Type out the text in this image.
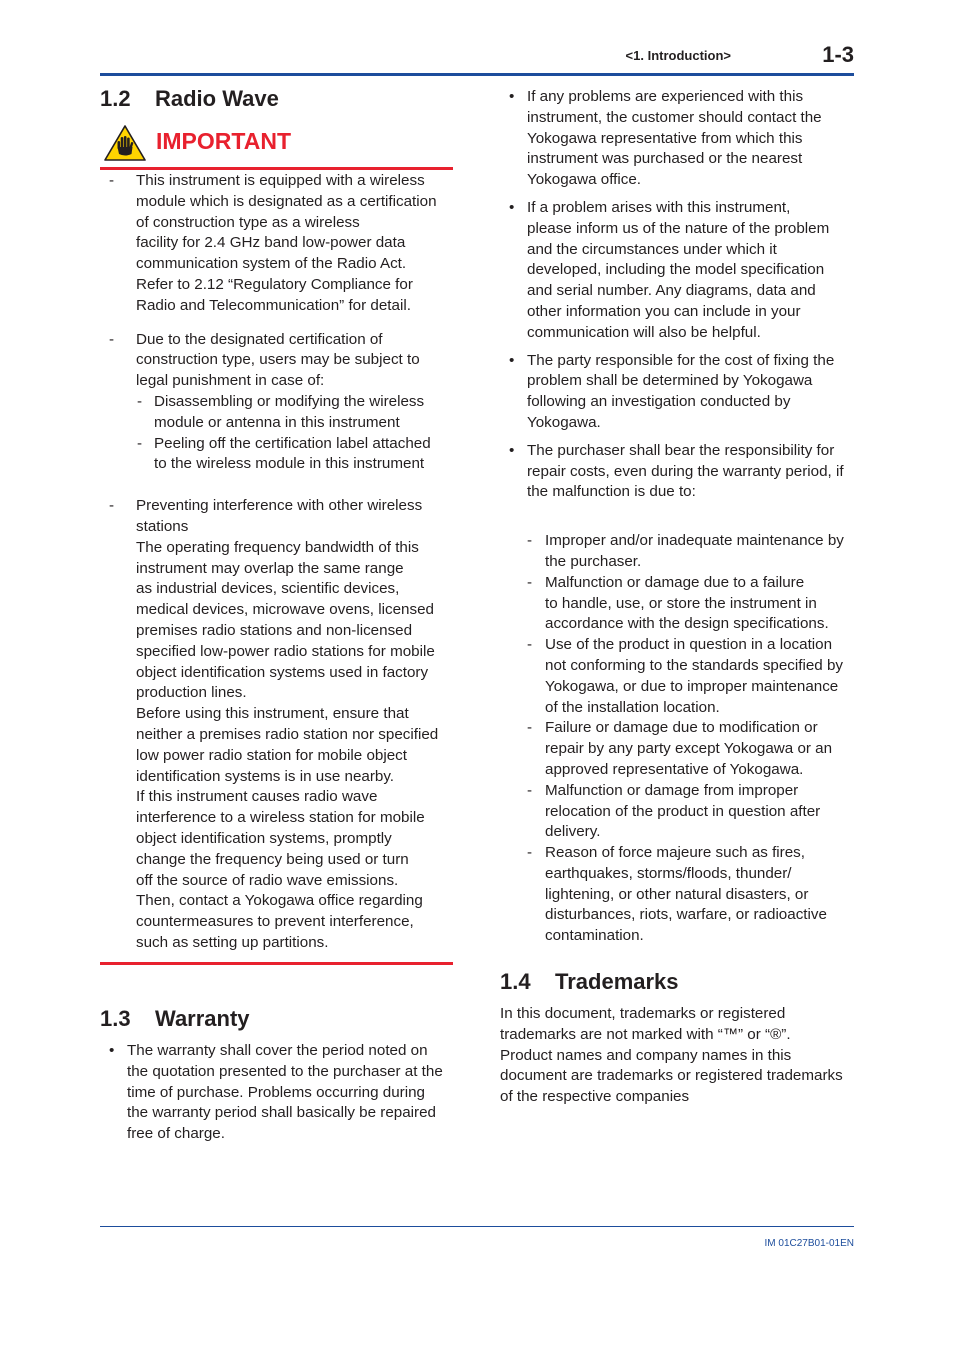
<1. Introduction>	1-3
IM 01C27B01-01EN
1.2 Radio Wave
IMPORTANT
- This instrument is equipped with a wireless
module which is designated as a certification
of construction type as a wireless
facility for 2.4 GHz band low-power data
communication system of the Radio Act.
Refer to 2.12 “Regulatory Compliance for
Radio and Telecommunication” for detail.
- Due to the designated certification of
construction type, users may be subject to
legal punishment in case of:
- Disassembling or modifying the wireless
module or antenna in this instrument
- Peeling off the certification label attached
to the wireless module in this instrument
- Preventing interference with other wireless
stations
The operating frequency bandwidth of this
instrument may overlap the same range
as industrial devices, scientific devices,
medical devices, microwave ovens, licensed
premises radio stations and non-licensed
specified low-power radio stations for mobile
object identification systems used in factory
production lines.
Before using this instrument, ensure that
neither a premises radio station nor specified
low power radio station for mobile object
identification systems is in use nearby.
If this instrument causes radio wave
interference to a wireless station for mobile
object identification systems, promptly
change the frequency being used or turn
off the source of radio wave emissions.
Then, contact a Yokogawa office regarding
countermeasures to prevent interference,
such as setting up partitions.
1.3 Warranty
• The warranty shall cover the period noted on
the quotation presented to the purchaser at the
time of purchase. Problems occurring during
the warranty period shall basically be repaired
free of charge.
• If any problems are experienced with this
instrument, the customer should contact the
Yokogawa representative from which this
instrument was purchased or the nearest
Yokogawa office.
• If a problem arises with this instrument,
please inform us of the nature of the problem
and the circumstances under which it
developed, including the model specification
and serial number. Any diagrams, data and
other information you can include in your
communication will also be helpful.
• The party responsible for the cost of fixing the
problem shall be determined by Yokogawa
following an investigation conducted by
Yokogawa.
• The purchaser shall bear the responsibility for
repair costs, even during the warranty period, if
the malfunction is due to:
- Improper and/or inadequate maintenance by
the purchaser.
- Malfunction or damage due to a failure
to handle, use, or store the instrument in
accordance with the design specifications.
- Use of the product in question in a location
not conforming to the standards specified by
Yokogawa, or due to improper maintenance
of the installation location.
- Failure or damage due to modification or
repair by any party except Yokogawa or an
approved representative of Yokogawa.
- Malfunction or damage from improper
relocation of the product in question after
delivery.
- Reason of force majeure such as fires,
earthquakes, storms/floods, thunder/
lightening, or other natural disasters, or
disturbances, riots, warfare, or radioactive
contamination.
1.4 Trademarks
In this document, trademarks or registered
trademarks are not marked with “™” or “®”.
Product names and company names in this
document are trademarks or registered trademarks
of the respective companies
